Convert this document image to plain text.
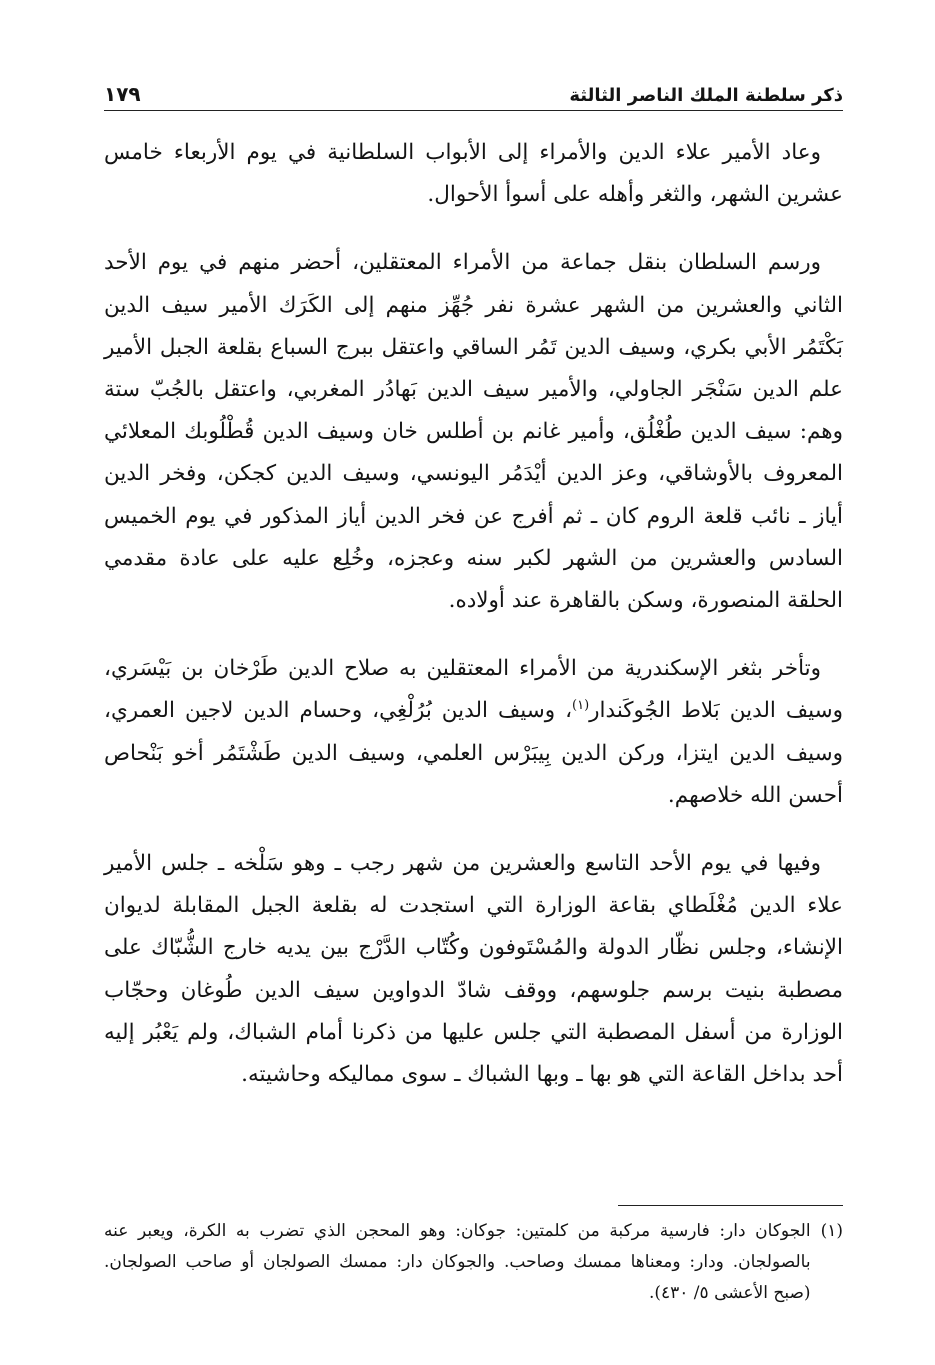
ذكر سلطنة الملك الناصر الثالثة
١٧٩

وعاد الأمير علاء الدين والأمراء إلى الأبواب السلطانية في يوم الأربعاء خامس عشرين الشهر، والثغر وأهله على أسوأ الأحوال.

ورسم السلطان بنقل جماعة من الأمراء المعتقلين، أحضر منهم في يوم الأحد الثاني والعشرين من الشهر عشرة نفر جُهِّز منهم إلى الكَرَك الأمير سيف الدين بَكْتَمُر الأبي بكري، وسيف الدين تَمُر الساقي واعتقل ببرج السباع بقلعة الجبل الأمير علم الدين سَنْجَر الجاولي، والأمير سيف الدين بَهادُر المغربي، واعتقل بالجُبّ ستة وهم: سيف الدين طُغْلُق، وأمير غانم بن أطلس خان وسيف الدين قُطْلُوبك المعلائي المعروف بالأوشاقي، وعز الدين أيْدَمُر اليونسي، وسيف الدين كجكن، وفخر الدين أياز ـ نائب قلعة الروم كان ـ ثم أفرج عن فخر الدين أياز المذكور في يوم الخميس السادس والعشرين من الشهر لكبر سنه وعجزه، وخُلِع عليه على عادة مقدمي الحلقة المنصورة، وسكن بالقاهرة عند أولاده.

وتأخر بثغر الإسكندرية من الأمراء المعتقلين به صلاح الدين طَرْخان بن بَيْسَري، وسيف الدين بَلاط الجُوكَندار$^{(١)}$، وسيف الدين بُرُلْغِي، وحسام الدين لاجين العمري، وسيف الدين ايتزا، وركن الدين بِيبَرْس العلمي، وسيف الدين طَشْتَمُر أخو بَنْحاص أحسن الله خلاصهم.

وفيها في يوم الأحد التاسع والعشرين من شهر رجب ـ وهو سَلْخه ـ جلس الأمير علاء الدين مُغْلَطاي بقاعة الوزارة التي استجدت له بقلعة الجبل المقابلة لديوان الإنشاء، وجلس نظّار الدولة والمُسْتَوفون وكُتّاب الدَّرْج بين يديه خارج الشُّبّاك على مصطبة بنيت برسم جلوسهم، ووقف شادّ الدواوين سيف الدين طُوغان وحجّاب الوزارة من أسفل المصطبة التي جلس عليها من ذكرنا أمام الشباك، ولم يَعْبُر إليه أحد بداخل القاعة التي هو بها ـ وبها الشباك ـ سوى مماليكه وحاشيته.

(١)
الجوكان دار: فارسية مركبة من كلمتين: جوكان: وهو المحجن الذي تضرب به الكرة، ويعبر عنه بالصولجان. ودار: ومعناها ممسك وصاحب. والجوكان دار: ممسك الصولجان أو صاحب الصولجان. (صبح الأعشى ٥/ ٤٣٠).
